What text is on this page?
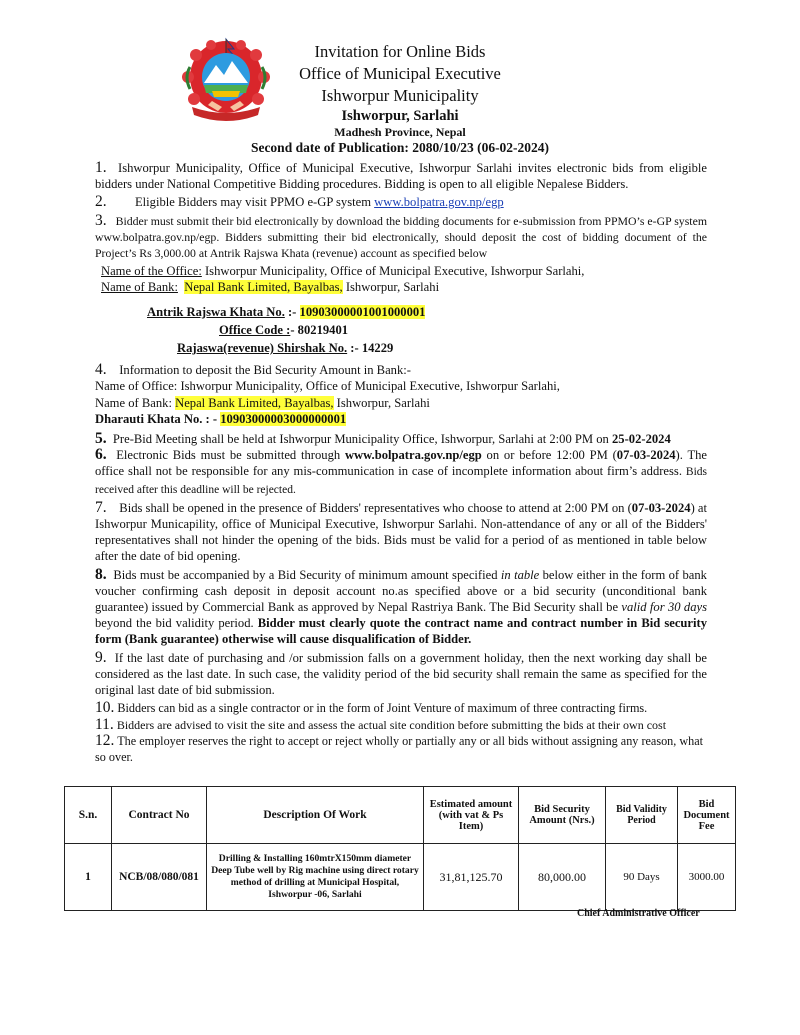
Invitation for Online Bids
Office of Municipal Executive
Ishworpur Municipality
Ishworpur, Sarlahi
Madhesh Province, Nepal
Second date of Publication: 2080/10/23 (06-02-2024)

1. Ishworpur Municipality, Office of Municipal Executive, Ishworpur Sarlahi invites electronic bids from eligible bidders under National Competitive Bidding procedures. Bidding is open to all eligible Nepalese Bidders.

2. Eligible Bidders may visit PPMO e-GP system www.bolpatra.gov.np/egp

3. Bidder must submit their bid electronically by download the bidding documents for e-submission from PPMO’s e-GP system www.bolpatra.gov.np/egp. Bidders submitting their bid electronically, should deposit the cost of bidding document of the Project’s Rs 3,000.00 at Antrik Rajswa Khata (revenue) account as specified below

Name of the Office: Ishworpur Municipality, Office of Municipal Executive, Ishworpur Sarlahi,
Name of Bank: Nepal Bank Limited, Bayalbas, Ishworpur, Sarlahi
Antrik Rajswa Khata No. :- 10903000001001000001
Office Code :- 80219401
Rajaswa(revenue) Shirshak No. :- 14229
4. Information to deposit the Bid Security Amount in Bank:-
Name of Office: Ishworpur Municipality, Office of Municipal Executive, Ishworpur Sarlahi,
Name of Bank: Nepal Bank Limited, Bayalbas, Ishworpur, Sarlahi
Dharauti Khata No. : - 10903000003000000001
5. Pre-Bid Meeting shall be held at Ishworpur Municipality Office, Ishworpur, Sarlahi at 2:00 PM on 25-02-2024

6. Electronic Bids must be submitted through www.bolpatra.gov.np/egp on or before 12:00 PM (07-03-2024). The office shall not be responsible for any mis-communication in case of incomplete information about firm’s address. Bids received after this deadline will be rejected.

7. Bids shall be opened in the presence of Bidders' representatives who choose to attend at 2:00 PM on (07-03-2024) at Ishworpur Municapility, office of Municipal Executive, Ishworpur Sarlahi. Non-attendance of any or all of the Bidders' representatives shall not hinder the opening of the bids. Bids must be valid for a period of as mentioned in table below after the date of bid opening.

8. Bids must be accompanied by a Bid Security of minimum amount specified in table below either in the form of bank voucher confirming cash deposit in deposit account no.as specified above or a bid security (unconditional bank guarantee) issued by Commercial Bank as approved by Nepal Rastriya Bank. The Bid Security shall be valid for 30 days beyond the bid validity period. Bidder must clearly quote the contract name and contract number in Bid security form (Bank guarantee) otherwise will cause disqualification of Bidder.

9. If the last date of purchasing and /or submission falls on a government holiday, then the next working day shall be considered as the last date. In such case, the validity period of the bid security shall remain the same as specified for the original last date of bid submission.

10. Bidders can bid as a single contractor or in the form of Joint Venture of maximum of three contracting firms.
11. Bidders are advised to visit the site and assess the actual site condition before submitting the bids at their own cost

12. The employer reserves the right to accept or reject wholly or partially any or all bids without assigning any reason, what so over.

S.n.	Contract No	Description Of Work	Estimated amount (with vat & Ps Item)	Bid Security Amount (Nrs.)	Bid Validity Period	Bid Document Fee
1	NCB/08/080/081	Drilling & Installing 160mtrX150mm diameter Deep Tube well by Rig machine using direct rotary method of drilling at Municipal Hospital, Ishworpur -06, Sarlahi	31,81,125.70	80,000.00	90 Days	3000.00
Chief Administrative Officer
